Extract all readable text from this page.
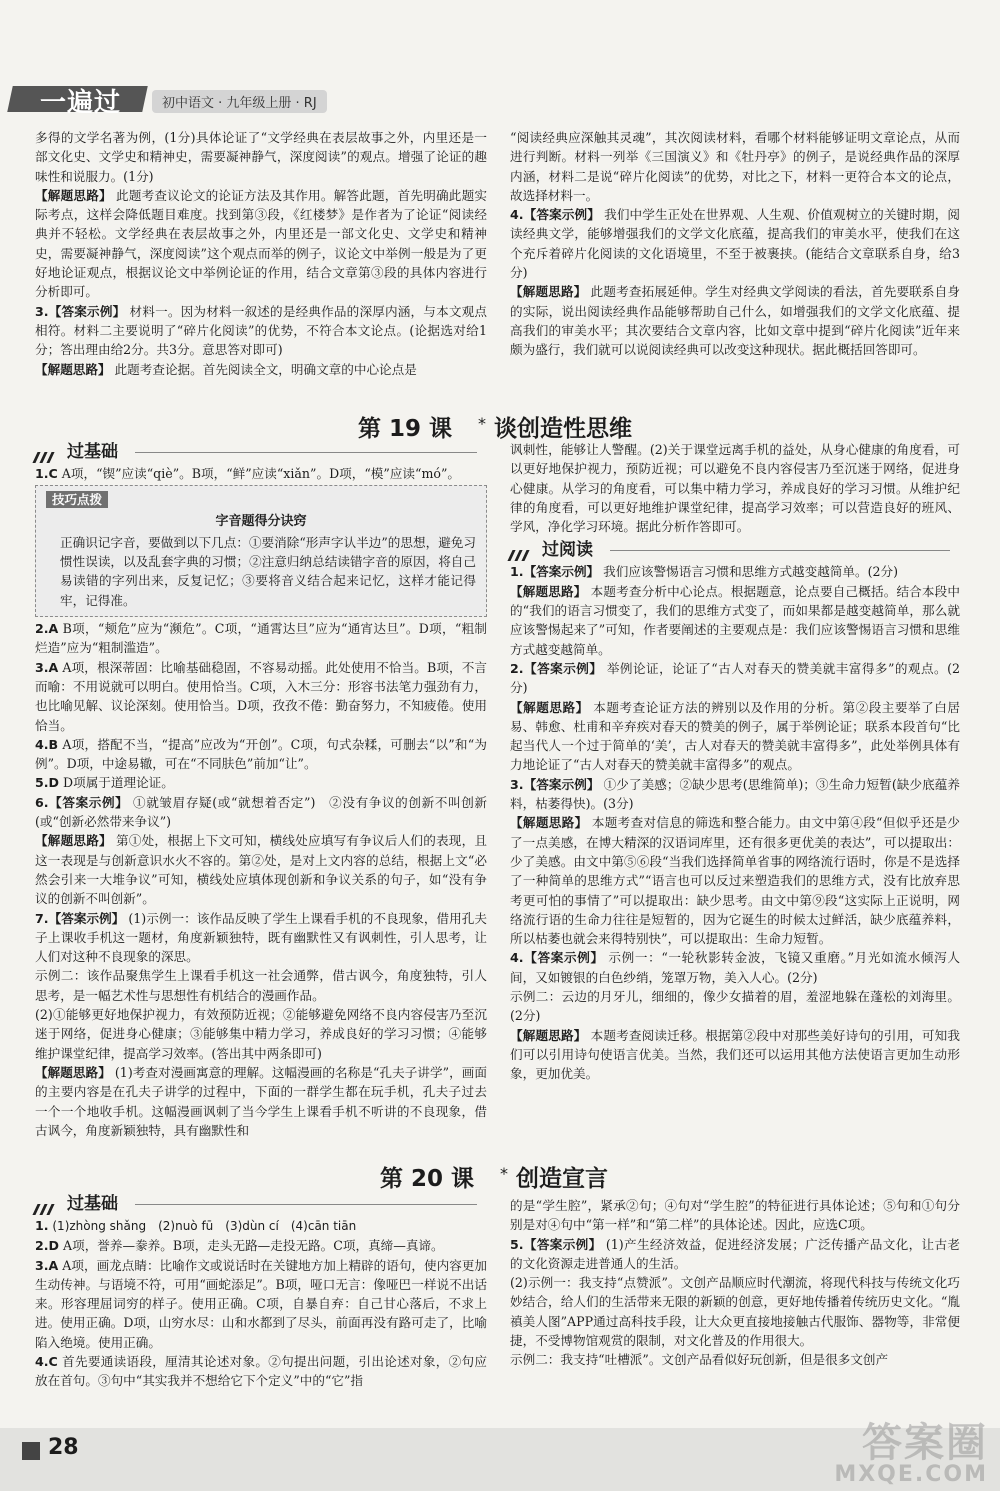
一遍过	初中语文 · 九年级上册 · RJ

多得的文学名著为例，(1分)具体论证了“文学经典在表层故事之外，内里还是一部文化史、文学史和精神史，需要凝神静气，深度阅读”的观点。增强了论证的趣味性和说服力。(1分)

【解题思路】 此题考查议论文的论证方法及其作用。解答此题，首先明确此题实际考点，这样会降低题目难度。找到第③段，《红楼梦》是作者为了论证“阅读经典并不轻松。文学经典在表层故事之外，内里还是一部文化史、文学史和精神史，需要凝神静气，深度阅读”这个观点而举的例子，议论文中举例一般是为了更好地论证观点，根据议论文中举例论证的作用，结合文章第③段的具体内容进行分析即可。

3.【答案示例】 材料一。因为材料一叙述的是经典作品的深厚内涵，与本文观点相符。材料二主要说明了“碎片化阅读”的优势，不符合本文论点。(论据选对给1分；答出理由给2分。共3分。意思答对即可)

【解题思路】 此题考查论据。首先阅读全文，明确文章的中心论点是

“阅读经典应深触其灵魂”，其次阅读材料，看哪个材料能够证明文章论点，从而进行判断。材料一列举《三国演义》和《牡丹亭》的例子，是说经典作品的深厚内涵，材料二是说“碎片化阅读”的优势，对比之下，材料一更符合本文的论点，故选择材料一。

4.【答案示例】 我们中学生正处在世界观、人生观、价值观树立的关键时期，阅读经典文学，能够增强我们的文学文化底蕴，提高我们的审美水平，使我们在这个充斥着碎片化阅读的文化语境里，不至于被裹挟。(能结合文章联系自身，给3分)

【解题思路】 此题考查拓展延伸。学生对经典文学阅读的看法，首先要联系自身的实际，说出阅读经典作品能够帮助自己什么，如增强我们的文学文化底蕴、提高我们的审美水平；其次要结合文章内容，比如文章中提到“碎片化阅读”近年来颇为盛行，我们就可以说阅读经典可以改变这种现状。据此概括回答即可。

第 19 课 * 谈创造性思维
过基础

1.C A项，“锲”应读“qiè”。B项，“鲜”应读“xiǎn”。D项，“模”应读“mó”。

技巧点拨
字音题得分诀窍

正确识记字音，要做到以下几点：①要消除“形声字认半边”的思想，避免习惯性误读，以及乱套字典的习惯；②注意归纳总结读错字音的原因，将自己易读错的字列出来，反复记忆；③要将音义结合起来记忆，这样才能记得牢，记得准。

2.A B项，“颊危”应为“濒危”。C项，“通霄达旦”应为“通宵达旦”。D项，“粗制烂造”应为“粗制滥造”。

3.A A项，根深蒂固：比喻基础稳固，不容易动摇。此处使用不恰当。B项，不言而喻：不用说就可以明白。使用恰当。C项，入木三分：形容书法笔力强劲有力，也比喻见解、议论深刻。使用恰当。D项，孜孜不倦：勤奋努力，不知疲倦。使用恰当。

4.B A项，搭配不当，“提高”应改为“开创”。C项，句式杂糅，可删去“以”和“为例”。D项，中途易辙，可在“不同肤色”前加“让”。

5.D D项属于道理论证。

6.【答案示例】 ①就皱眉存疑(或“就想着否定”)　②没有争议的创新不叫创新(或“创新必然带来争议”)

【解题思路】 第①处，根据上下文可知，横线处应填写有争议后人们的表现，且这一表现是与创新意识水火不容的。第②处，是对上文内容的总结，根据上文“必然会引来一大堆争议”可知，横线处应填体现创新和争议关系的句子，如“没有争议的创新不叫创新”。

7.【答案示例】 (1)示例一：该作品反映了学生上课看手机的不良现象，借用孔夫子上课收手机这一题材，角度新颖独特，既有幽默性又有讽刺性，引人思考，让人们对这种不良现象的深思。

示例二：该作品聚焦学生上课看手机这一社会通弊，借古讽今，角度独特，引人思考，是一幅艺术性与思想性有机结合的漫画作品。

(2)①能够更好地保护视力，有效预防近视；②能够避免网络不良内容侵害乃至沉迷于网络，促进身心健康；③能够集中精力学习，养成良好的学习习惯；④能够维护课堂纪律，提高学习效率。(答出其中两条即可)

【解题思路】 (1)考查对漫画寓意的理解。这幅漫画的名称是“孔夫子讲学”，画面的主要内容是在孔夫子讲学的过程中，下面的一群学生都在玩手机，孔夫子过去一个一个地收手机。这幅漫画讽刺了当今学生上课看手机不听讲的不良现象，借古讽今，角度新颖独特，具有幽默性和

讽刺性，能够让人警醒。(2)关于课堂远离手机的益处，从身心健康的角度看，可以更好地保护视力，预防近视；可以避免不良内容侵害乃至沉迷于网络，促进身心健康。从学习的角度看，可以集中精力学习，养成良好的学习习惯。从维护纪律的角度看，可以更好地维护课堂纪律，提高学习效率；可以营造良好的班风、学风，净化学习环境。据此分析作答即可。

过阅读

1.【答案示例】 我们应该警惕语言习惯和思维方式越变越简单。(2分)

【解题思路】 本题考查分析中心论点。根据题意，论点要自己概括。结合本段中的“我们的语言习惯变了，我们的思维方式变了，而如果都是越变越简单，那么就应该警惕起来了”可知，作者要阐述的主要观点是：我们应该警惕语言习惯和思维方式越变越简单。

2.【答案示例】 举例论证，论证了“古人对春天的赞美就丰富得多”的观点。(2分)

【解题思路】 本题考查论证方法的辨别以及作用的分析。第②段主要举了白居易、韩愈、杜甫和辛弃疾对春天的赞美的例子，属于举例论证；联系本段首句“比起当代人一个过于简单的‘美’，古人对春天的赞美就丰富得多”，此处举例具体有力地论证了“古人对春天的赞美就丰富得多”的观点。

3.【答案示例】 ①少了美感；②缺少思考(思维简单)；③生命力短暂(缺少底蕴养料，枯萎得快)。(3分)

【解题思路】 本题考查对信息的筛选和整合能力。由文中第④段“但似乎还是少了一点美感，在博大精深的汉语词库里，还有很多更优美的表达”，可以提取出：少了美感。由文中第⑤⑥段“当我们选择简单省事的网络流行语时，你是不是选择了一种简单的思维方式”“语言也可以反过来塑造我们的思维方式，没有比放弃思考更可怕的事情了”可以提取出：缺少思考。由文中第⑨段“这实际上正说明，网络流行语的生命力往往是短暂的，因为它诞生的时候太过鲜活，缺少底蕴养料，所以枯萎也就会来得特别快”，可以提取出：生命力短暂。

4.【答案示例】 示例一：“一轮秋影转金波，飞镜又重磨。”月光如流水倾泻人间，又如镀银的白色纱绡，笼罩万物，美入人心。(2分)

示例二：云边的月牙儿，细细的，像少女描着的眉，羞涩地躲在蓬松的刘海里。(2分)

【解题思路】 本题考查阅读迁移。根据第②段中对那些美好诗句的引用，可知我们可以引用诗句使语言优美。当然，我们还可以运用其他方法使语言更加生动形象，更加优美。

第 20 课 * 创造宣言
过基础

1. (1)zhòng shǎng　(2)nuò fū　(3)dùn cí　(4)cān tiān

2.D A项，誉养—豢养。B项，走头无路—走投无路。C项，真缔—真谛。

3.A A项，画龙点睛：比喻作文或说话时在关键地方加上精辟的语句，使内容更加生动传神。与语境不符，可用“画蛇添足”。B项，哑口无言：像哑巴一样说不出话来。形容理屈词穷的样子。使用正确。C项，自暴自弃：自己甘心落后，不求上进。使用正确。D项，山穷水尽：山和水都到了尽头，前面再没有路可走了，比喻陷入绝境。使用正确。

4.C 首先要通读语段，厘清其论述对象。②句提出问题，引出论述对象，②句应放在首句。③句中“其实我并不想给它下个定义”中的“它”指

的是“学生腔”，紧承②句；④句对“学生腔”的特征进行具体论述；⑤句和①句分别是对④句中“第一样”和“第二样”的具体论述。因此，应选C项。

5.【答案示例】 (1)产生经济效益，促进经济发展；广泛传播产品文化，让古老的文化资源走进普通人的生活。

(2)示例一：我支持“点赞派”。文创产品顺应时代潮流，将现代科技与传统文化巧妙结合，给人们的生活带来无限的新颖的创意，更好地传播着传统历史文化。“胤禛美人图”APP通过高科技手段，让大众更直接地接触古代服饰、器物等，非常便捷，不受博物馆观赏的限制，对文化普及的作用很大。

示例二：我支持“吐槽派”。文创产品看似好玩创新，但是很多文创产

28	答案圈
MXQE.COM
